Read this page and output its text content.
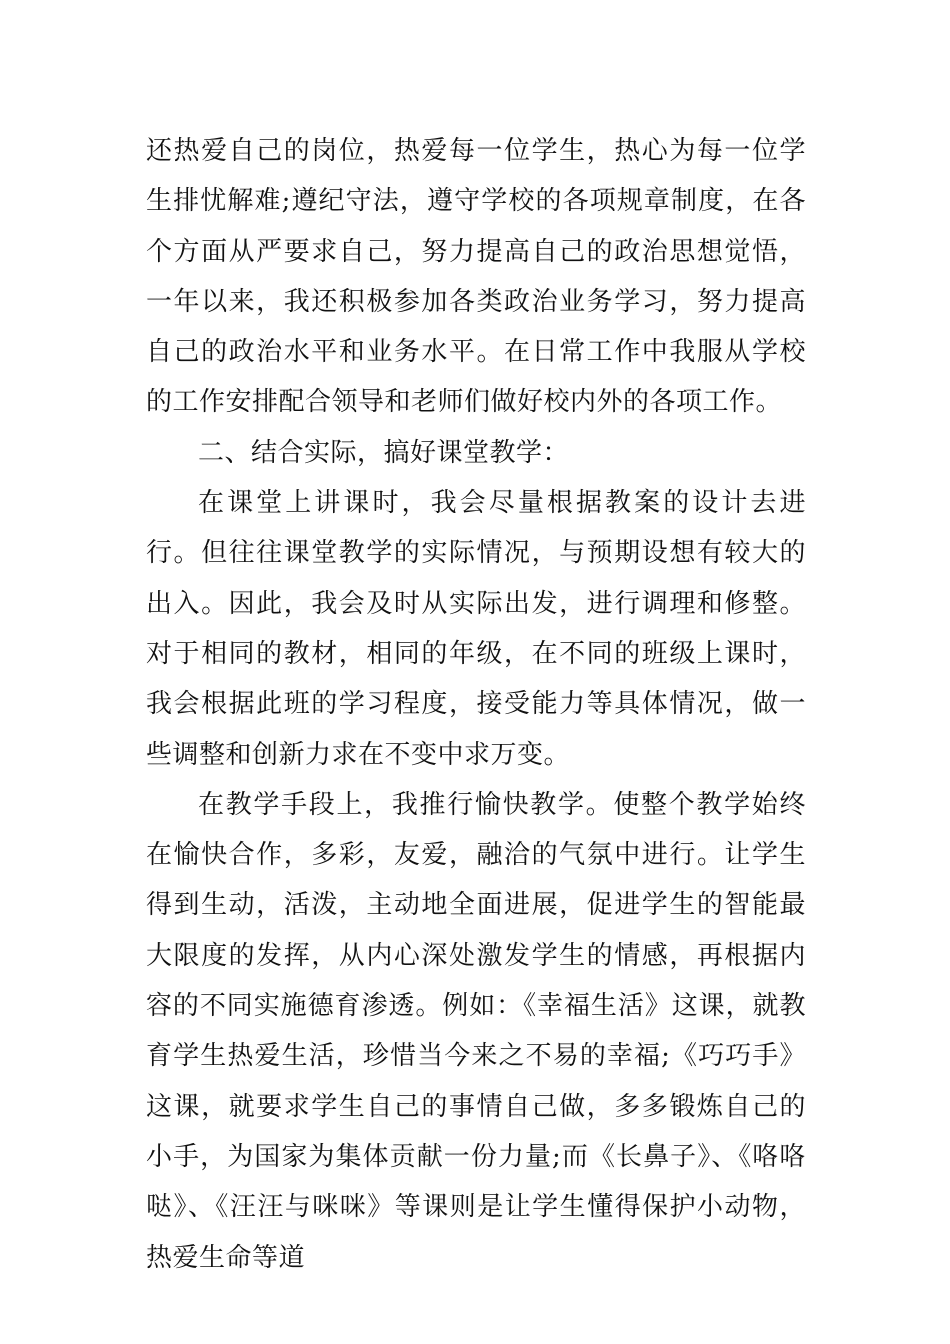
还热爱自己的岗位，热爱每一位学生，热心为每一位学生排忧解难;遵纪守法，遵守学校的各项规章制度，在各个方面从严要求自己，努力提高自己的政治思想觉悟，一年以来，我还积极参加各类政治业务学习，努力提高自己的政治水平和业务水平。在日常工作中我服从学校的工作安排配合领导和老师们做好校内外的各项工作。

二、结合实际，搞好课堂教学：

在课堂上讲课时，我会尽量根据教案的设计去进行。但往往课堂教学的实际情况，与预期设想有较大的出入。因此，我会及时从实际出发，进行调理和修整。对于相同的教材，相同的年级，在不同的班级上课时，我会根据此班的学习程度，接受能力等具体情况，做一些调整和创新力求在不变中求万变。

在教学手段上，我推行愉快教学。使整个教学始终在愉快合作，多彩，友爱，融洽的气氛中进行。让学生得到生动，活泼，主动地全面进展，促进学生的智能最大限度的发挥，从内心深处激发学生的情感，再根据内容的不同实施德育渗透。例如：《幸福生活》这课，就教育学生热爱生活，珍惜当今来之不易的幸福;《巧巧手》这课，就要求学生自己的事情自己做，多多锻炼自己的小手，为国家为集体贡献一份力量;而《长鼻子》、《咯咯哒》、《汪汪与咪咪》等课则是让学生懂得保护小动物，热爱生命等道
